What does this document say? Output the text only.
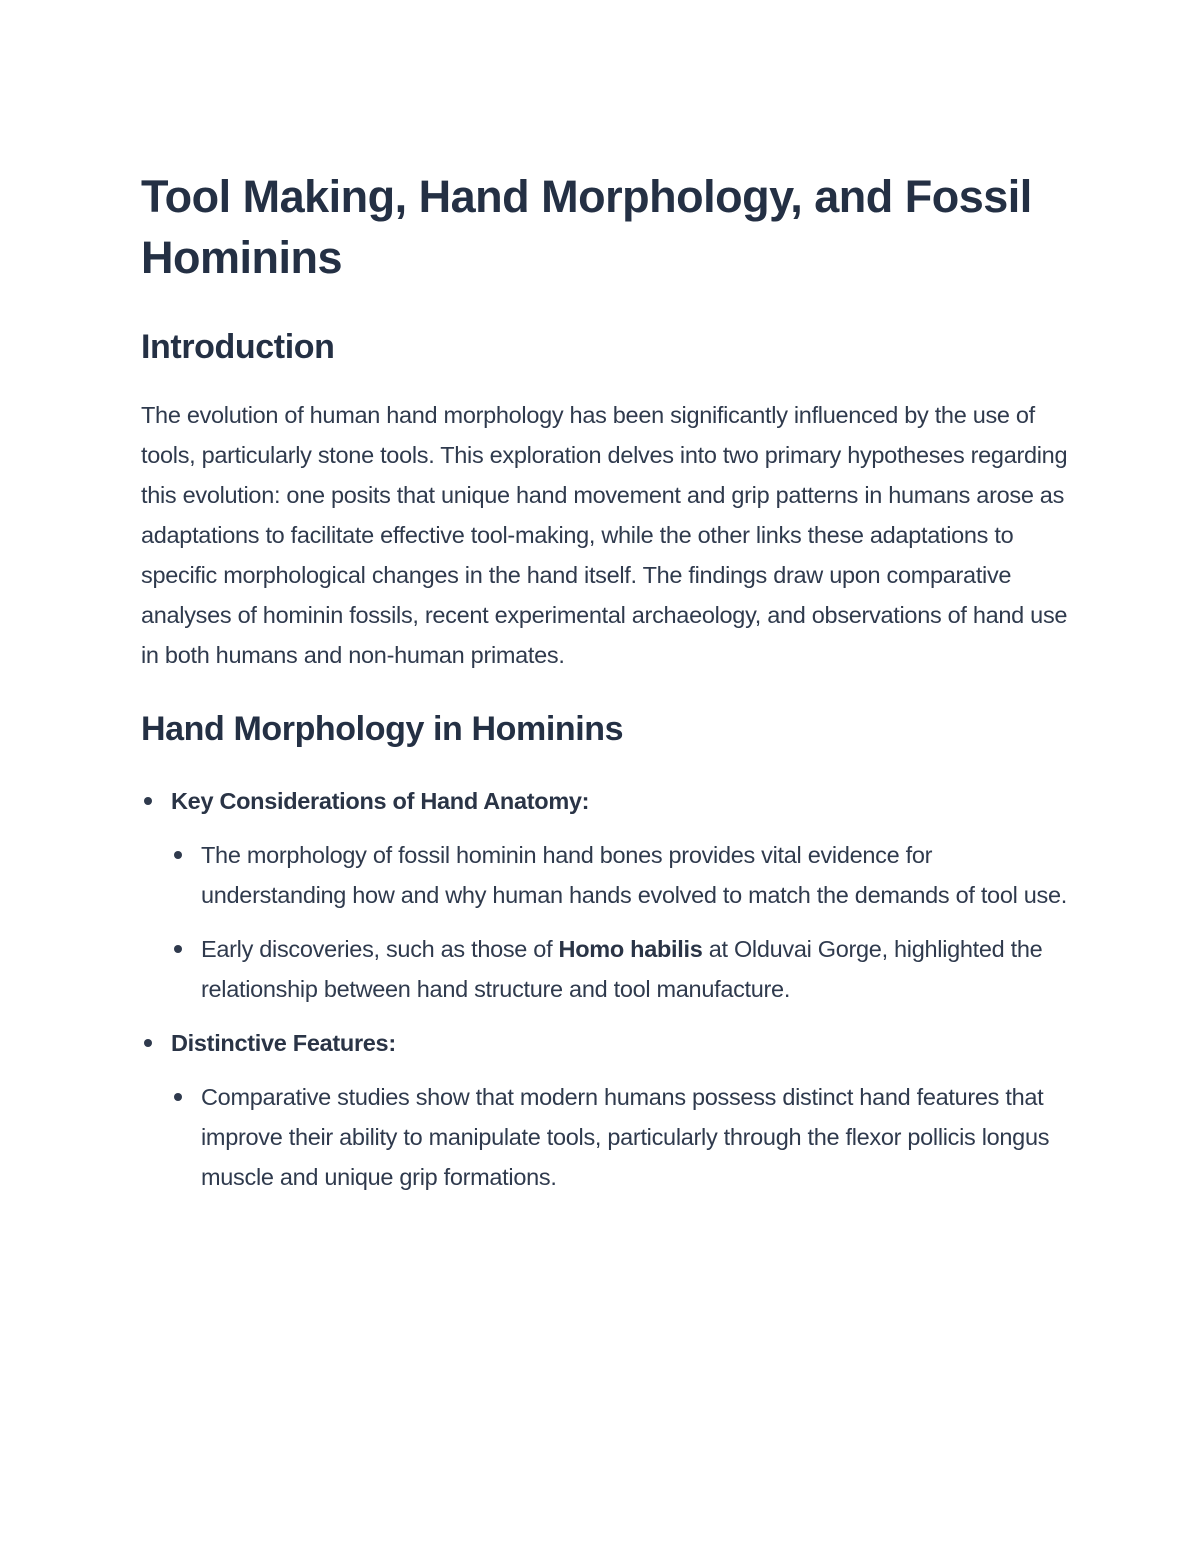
Tool Making, Hand Morphology, and Fossil Hominins
Introduction

The evolution of human hand morphology has been significantly influenced by the use of tools, particularly stone tools. This exploration delves into two primary hypotheses regarding this evolution: one posits that unique hand movement and grip patterns in humans arose as adaptations to facilitate effective tool-making, while the other links these adaptations to specific morphological changes in the hand itself. The findings draw upon comparative analyses of hominin fossils, recent experimental archaeology, and observations of hand use in both humans and non-human primates.

Hand Morphology in Hominins
Key Considerations of Hand Anatomy:
The morphology of fossil hominin hand bones provides vital evidence for understanding how and why human hands evolved to match the demands of tool use.
Early discoveries, such as those of Homo habilis at Olduvai Gorge, highlighted the relationship between hand structure and tool manufacture.
Distinctive Features:
Comparative studies show that modern humans possess distinct hand features that improve their ability to manipulate tools, particularly through the flexor pollicis longus muscle and unique grip formations.
